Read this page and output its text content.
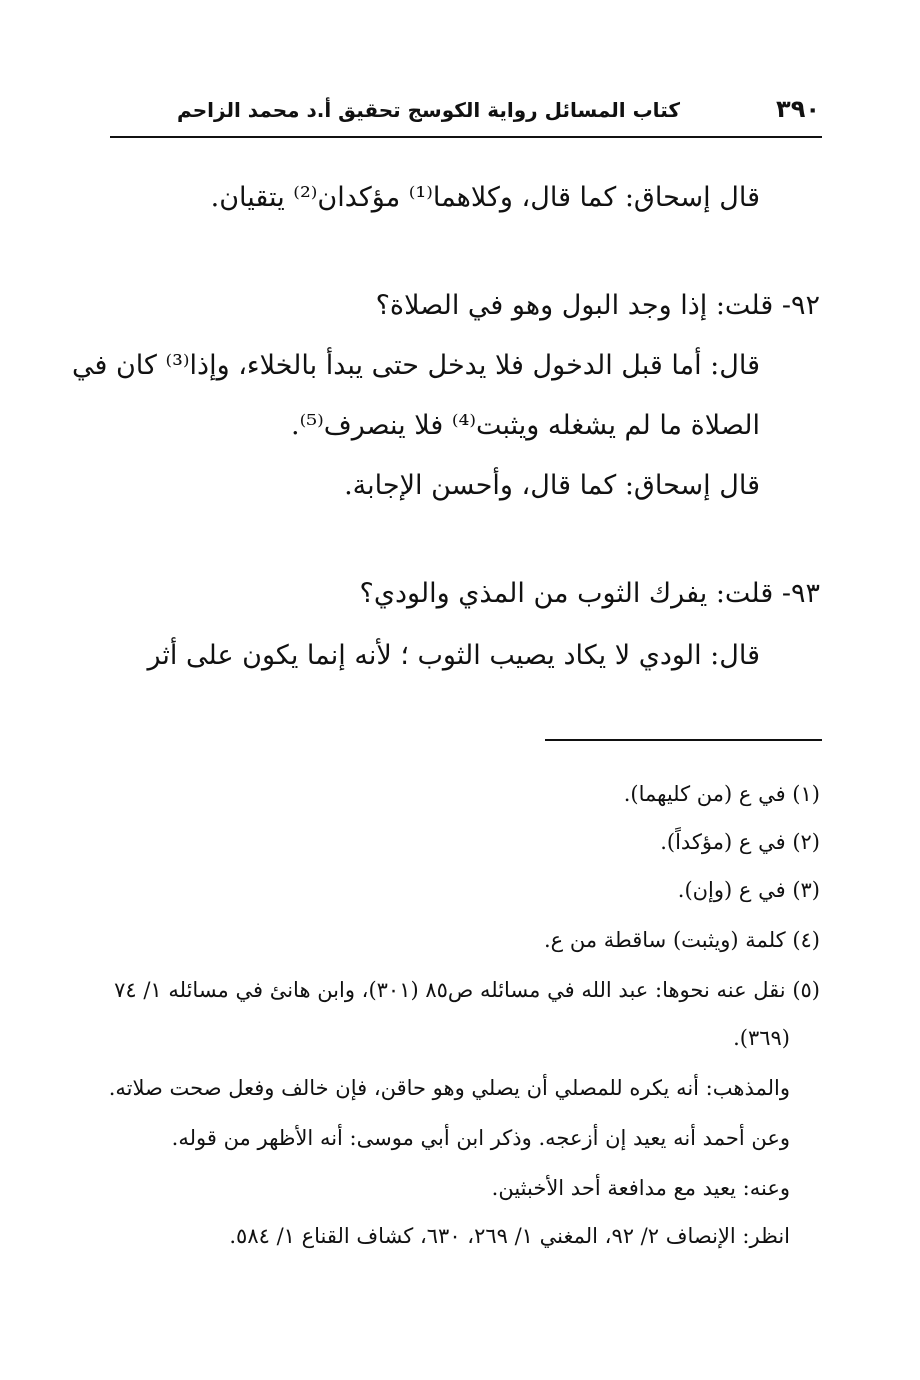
٣٩٠
كتاب المسائل رواية الكوسج تحقيق أ.د محمد الزاحم
قال إسحاق: كما قال، وكلاهما⁽¹⁾ مؤكدان⁽²⁾ يتقيان.
٩٢- قلت: إذا وجد البول وهو في الصلاة؟
قال: أما قبل الدخول فلا يدخل حتى يبدأ بالخلاء، وإذا⁽³⁾ كان في
الصلاة ما لم يشغله ويثبت⁽⁴⁾ فلا ينصرف⁽⁵⁾.
قال إسحاق: كما قال، وأحسن الإجابة.
٩٣- قلت: يفرك الثوب من المذي والودي؟
قال: الودي لا يكاد يصيب الثوب ؛ لأنه إنما يكون على أثر
(١) في ع (من كليهما).
(٢) في ع (مؤكداً).
(٣) في ع (وإن).
(٤) كلمة (ويثبت) ساقطة من ع.
(٥) نقل عنه نحوها: عبد الله في مسائله ص٨٥ (٣٠١)، وابن هانئ في مسائله ١/ ٧٤
(٣٦٩).
والمذهب: أنه يكره للمصلي أن يصلي وهو حاقن، فإن خالف وفعل صحت صلاته.
وعن أحمد أنه يعيد إن أزعجه. وذكر ابن أبي موسى: أنه الأظهر من قوله.
وعنه: يعيد مع مدافعة أحد الأخبثين.
انظر: الإنصاف ٢/ ٩٢، المغني ١/ ٢٦٩، ٦٣٠، كشاف القناع ١/ ٥٨٤.
